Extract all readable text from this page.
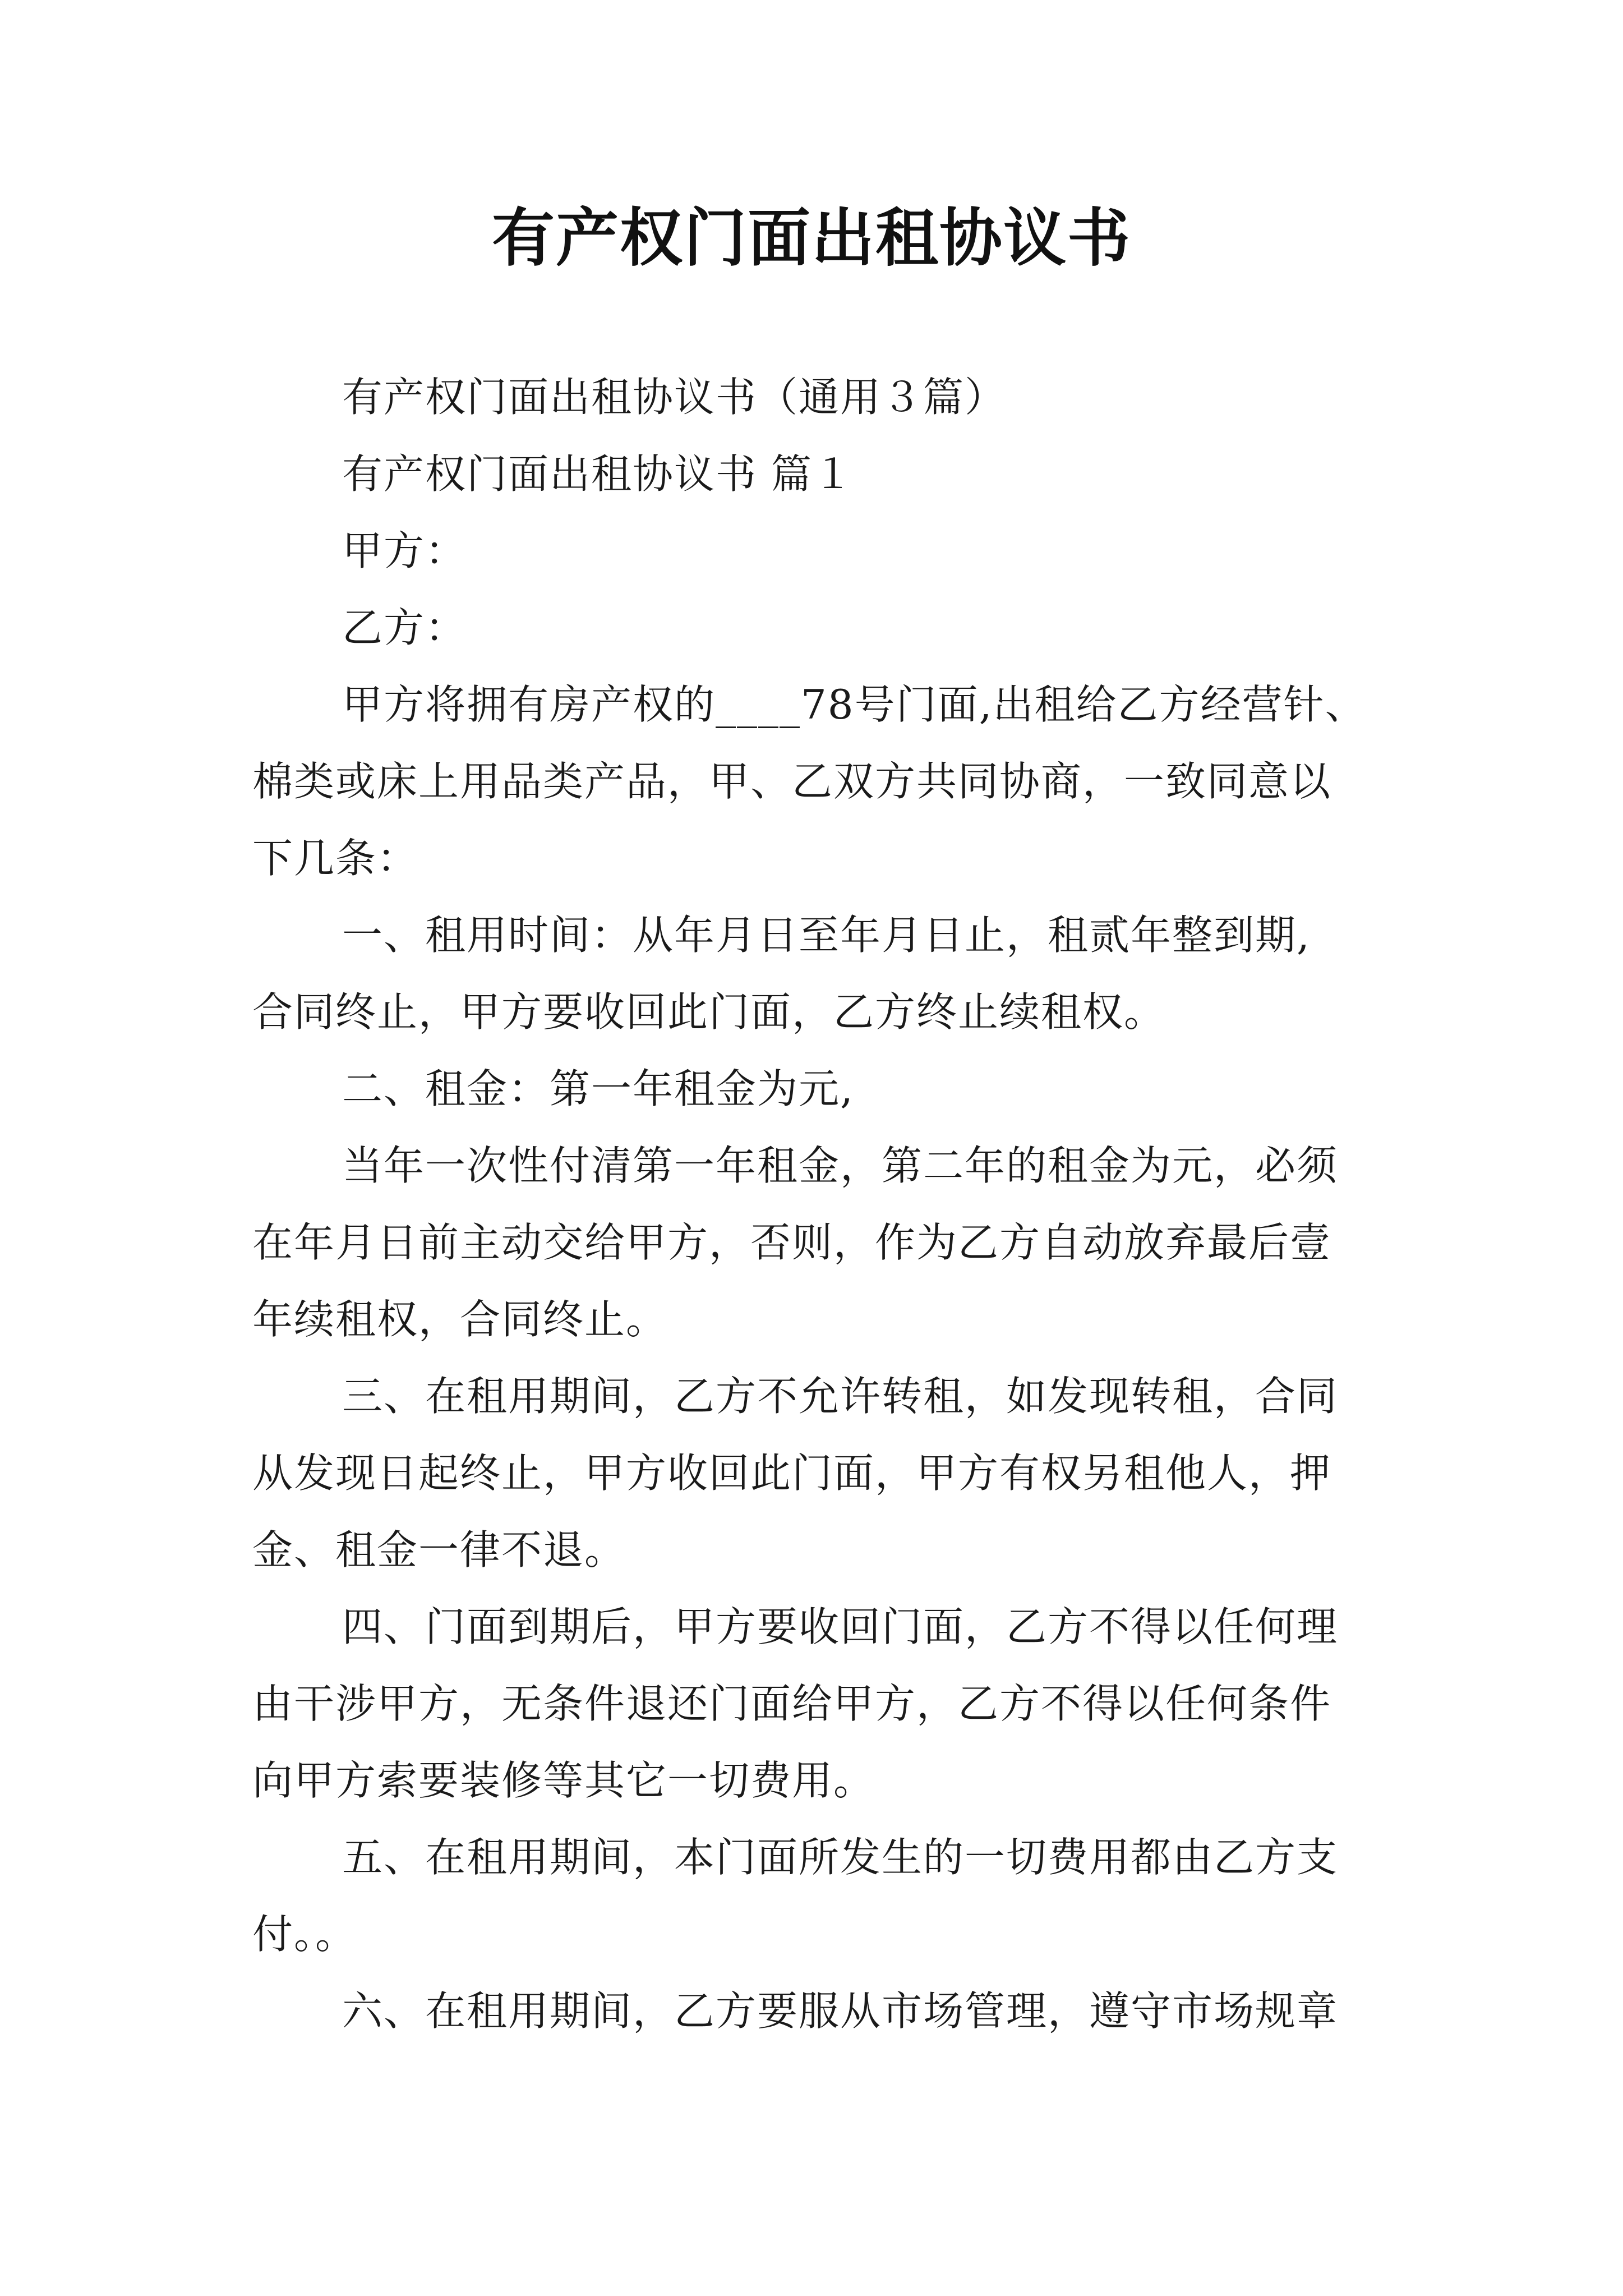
有产权门面出租协议书
有产权门面出租协议书（通用３篇）
有产权门面出租协议书 篇１
甲方：
乙方：
甲方将拥有房产权的____78号门面,出租给乙方经营针、
棉类或床上用品类产品，甲、乙双方共同协商，一致同意以
下几条：
一、租用时间：从年月日至年月日止，租贰年整到期,
合同终止，甲方要收回此门面，乙方终止续租权。
二、租金：第一年租金为元,
当年一次性付清第一年租金，第二年的租金为元，必须
在年月日前主动交给甲方，否则，作为乙方自动放弃最后壹
年续租权，合同终止。
三、在租用期间，乙方不允许转租，如发现转租，合同
从发现日起终止，甲方收回此门面，甲方有权另租他人，押
金、租金一律不退。
四、门面到期后，甲方要收回门面，乙方不得以任何理
由干涉甲方，无条件退还门面给甲方，乙方不得以任何条件
向甲方索要装修等其它一切费用。
五、在租用期间，本门面所发生的一切费用都由乙方支
付。。
六、在租用期间，乙方要服从市场管理，遵守市场规章
